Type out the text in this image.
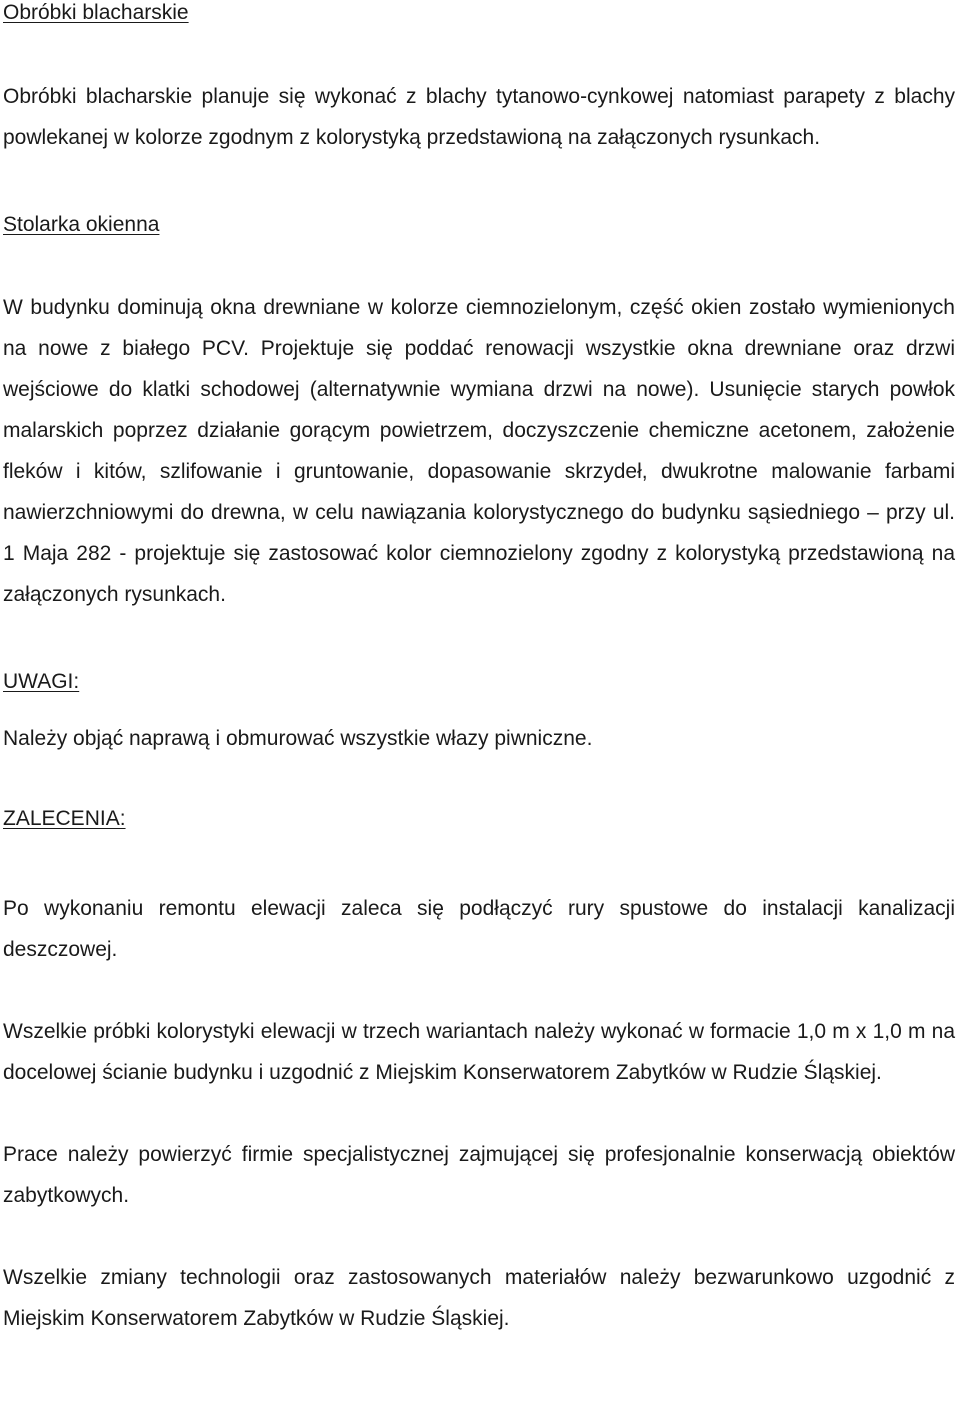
Obróbki blacharskie

Obróbki blacharskie planuje się wykonać z blachy tytanowo-cynkowej natomiast parapety z blachy powlekanej w kolorze zgodnym z kolorystyką przedstawioną na załączonych rysunkach.

Stolarka okienna

W budynku dominują okna drewniane w kolorze ciemnozielonym, część okien zostało wymienionych na nowe z białego PCV. Projektuje się poddać renowacji wszystkie okna drewniane oraz drzwi wejściowe do klatki schodowej (alternatywnie wymiana drzwi na nowe). Usunięcie starych powłok malarskich poprzez działanie gorącym powietrzem, doczyszczenie chemiczne acetonem, założenie fleków i kitów, szlifowanie i gruntowanie, dopasowanie skrzydeł, dwukrotne malowanie farbami nawierzchniowymi do drewna, w celu nawiązania kolorystycznego do budynku sąsiedniego – przy ul. 1 Maja 282 - projektuje się zastosować kolor ciemnozielony zgodny z kolorystyką przedstawioną na załączonych rysunkach.

UWAGI:

Należy objąć naprawą i obmurować wszystkie włazy piwniczne.

ZALECENIA:

Po wykonaniu remontu elewacji zaleca się podłączyć rury spustowe do instalacji kanalizacji deszczowej.

Wszelkie próbki kolorystyki elewacji w trzech wariantach należy wykonać w formacie 1,0 m x 1,0 m na docelowej ścianie budynku i uzgodnić z Miejskim Konserwatorem Zabytków w Rudzie Śląskiej.

Prace należy powierzyć firmie specjalistycznej zajmującej się profesjonalnie konserwacją obiektów zabytkowych.

Wszelkie zmiany technologii oraz zastosowanych materiałów należy bezwarunkowo uzgodnić z Miejskim Konserwatorem Zabytków w Rudzie Śląskiej.
